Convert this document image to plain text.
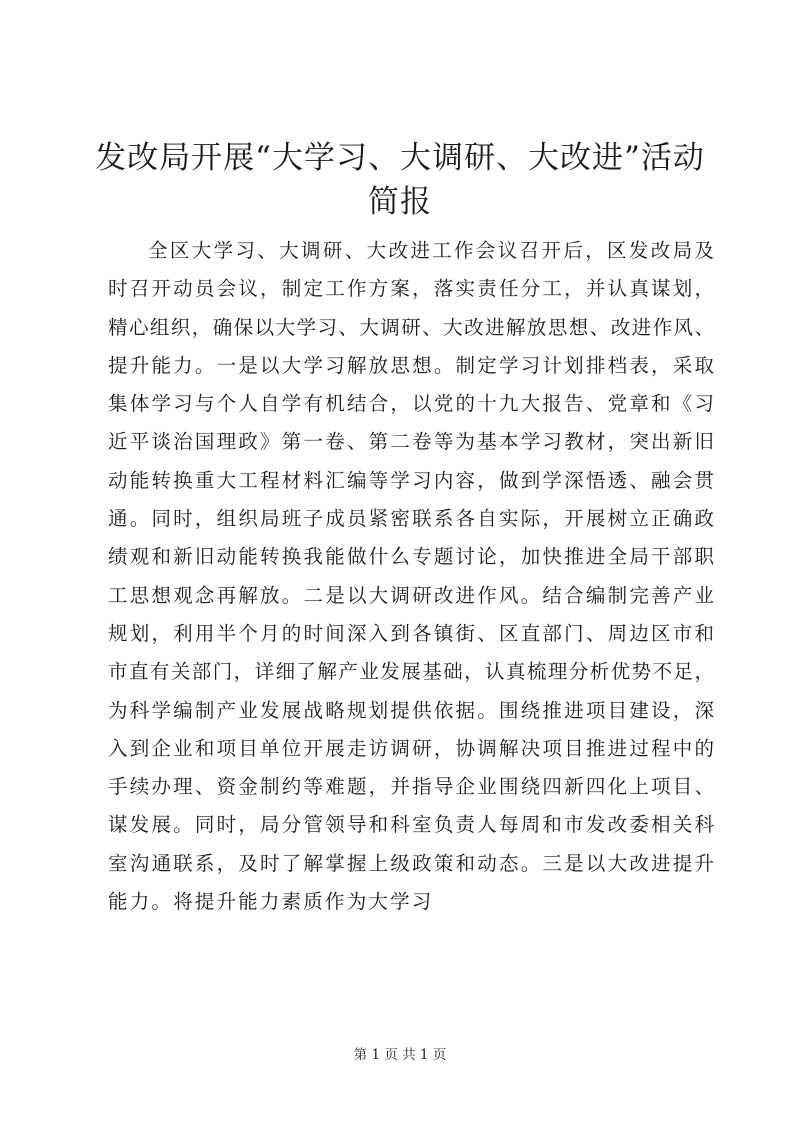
发改局开展“大学习、大调研、大改进”活动
简报
全区大学习、大调研、大改进工作会议召开后，区发改局及
时召开动员会议，制定工作方案，落实责任分工，并认真谋划，
精心组织，确保以大学习、大调研、大改进解放思想、改进作风、
提升能力。一是以大学习解放思想。制定学习计划排档表，采取
集体学习与个人自学有机结合，以党的十九大报告、党章和《习
近平谈治国理政》第一卷、第二卷等为基本学习教材，突出新旧
动能转换重大工程材料汇编等学习内容，做到学深悟透、融会贯
通。同时，组织局班子成员紧密联系各自实际，开展树立正确政
绩观和新旧动能转换我能做什么专题讨论，加快推进全局干部职
工思想观念再解放。二是以大调研改进作风。结合编制完善产业
规划，利用半个月的时间深入到各镇街、区直部门、周边区市和
市直有关部门，详细了解产业发展基础，认真梳理分析优势不足，
为科学编制产业发展战略规划提供依据。围绕推进项目建设，深
入到企业和项目单位开展走访调研，协调解决项目推进过程中的
手续办理、资金制约等难题，并指导企业围绕四新四化上项目、
谋发展。同时，局分管领导和科室负责人每周和市发改委相关科
室沟通联系，及时了解掌握上级政策和动态。三是以大改进提升
能力。将提升能力素质作为大学习
第 1 页 共 1 页
